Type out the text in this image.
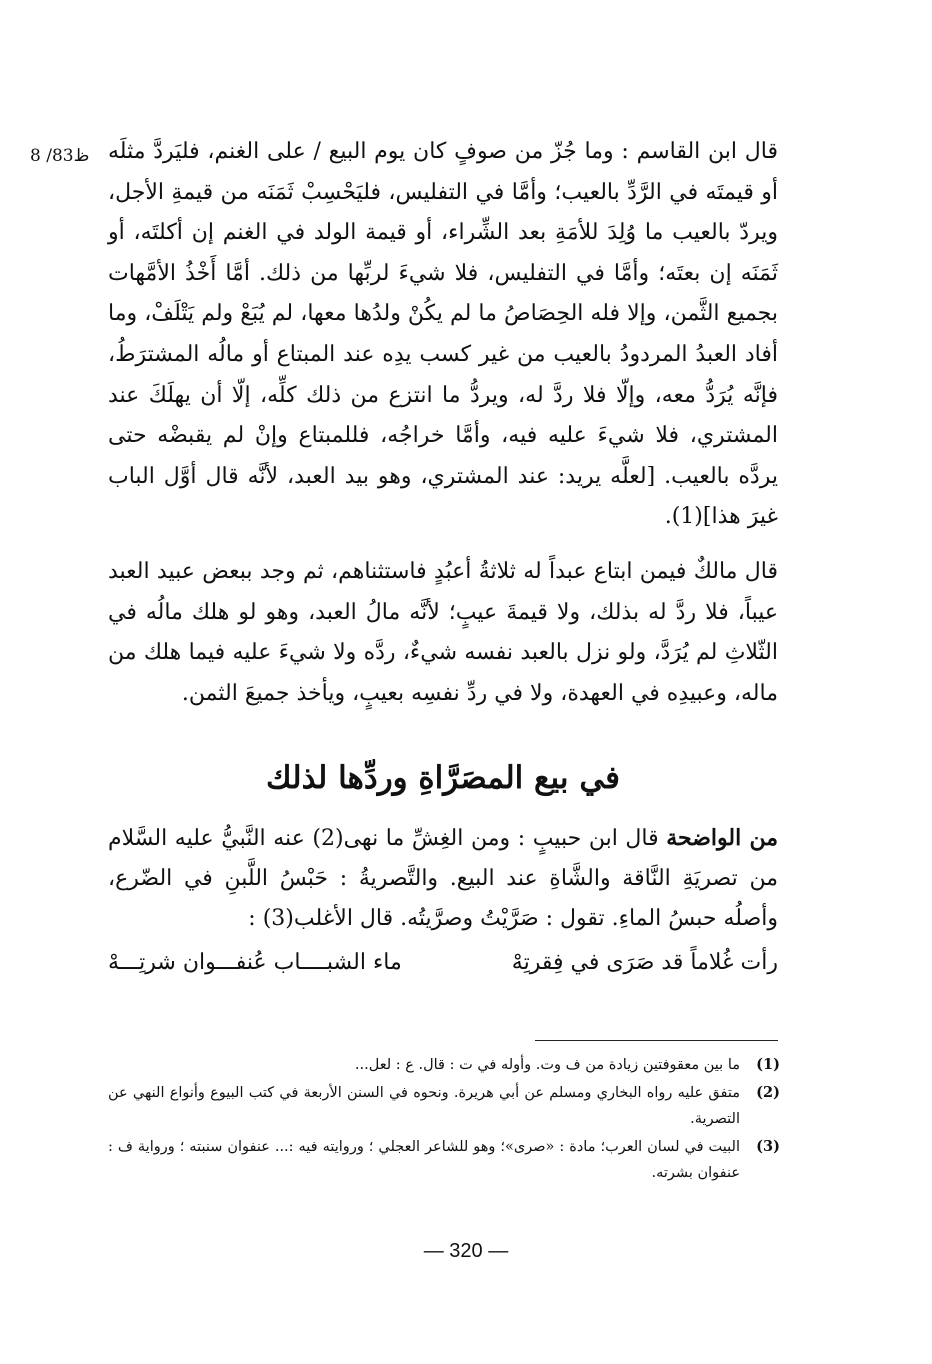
8 /83ظ قال ابن القاسم : وما جُزّ من صوفٍ كان يوم البيع / على الغنم، فليَردَّ مثلَه أو قيمتَه في الرَّدِّ بالعيب؛ وأمَّا في التفليس، فليَحْسِبْ ثَمَنَه من قيمةِ الأجل، ويردّ بالعيب ما وُلِدَ للأمَةِ بعد الشِّراء، أو قيمة الولد في الغنم إن أكلتَه، أو ثَمَنَه إن بعتَه؛ وأمَّا في التفليس، فلا شيءَ لربِّها من ذلك. أمَّا أَخْذُ الأمَّهات بجميع الثَّمن، وإلا فله الحِصَاصُ ما لم يكُنْ ولدُها معها، لم يُبَعْ ولم يَتْلَفْ، وما أفاد العبدُ المردودُ بالعيب من غير كسب يدِه عند المبتاع أو مالُه المشترَطُ، فإنَّه يُرَدُّ معه، وإلّا فلا ردَّ له، ويردُّ ما انتزع من ذلك كلِّه، إلّا أن يهلَكَ عند المشتري، فلا شيءَ عليه فيه، وأمَّا خراجُه، فللمبتاع وإنْ لم يقبضْه حتى يردَّه بالعيب. [لعلَّه يريد: عند المشتري، وهو بيد العبد، لأنَّه قال أوَّل الباب غيرَ هذا](1).

قال مالكٌ فيمن ابتاع عبداً له ثلاثةُ أعبُدٍ فاستثناهم، ثم وجد ببعض عبيد العبد عيباً، فلا ردَّ له بذلك، ولا قيمةَ عيبٍ؛ لأنَّه مالُ العبد، وهو لو هلك مالُه في الثّلاثِ لم يُرَدَّ، ولو نزل بالعبد نفسه شيءٌ، ردَّه ولا شيءَ عليه فيما هلك من ماله، وعبيدِه في العهدة، ولا في ردِّ نفسِه بعيبٍ، ويأخذ جميعَ الثمن.

في بيع المصَرَّاةِ وردِّها لذلك

من الواضحة قال ابن حبيبٍ : ومن الغِشِّ ما نهى(2) عنه النَّبيُّ عليه السَّلام من تصريَةِ النَّاقة والشَّاةِ عند البيع. والتَّصريةُ : حَبْسُ اللَّبنِ في الضّرع، وأصلُه حبسُ الماءِ. تقول : صَرَّيْتُ وصرَّيتُه. قال الأغلب(3) :

رأت غُلاماً قد صَرَى في فِقرتِهْ
ماء الشبــــاب عُنفـــوان شرتِـــهْ
(1)
ما بين معقوفتين زيادة من ف وت. وأوله في ت : قال. ع : لعل...
(2)
متفق عليه رواه البخاري ومسلم عن أبي هريرة. ونحوه في السنن الأربعة في كتب البيوع وأنواع النهي عن التصرية.
(3)
البيت في لسان العرب؛ مادة : «صرى»؛ وهو للشاعر العجلي ؛ وروايته فيه :... عنفوان سنبته ؛ ورواية ف : عنفوان بشرته.
— 320 —
